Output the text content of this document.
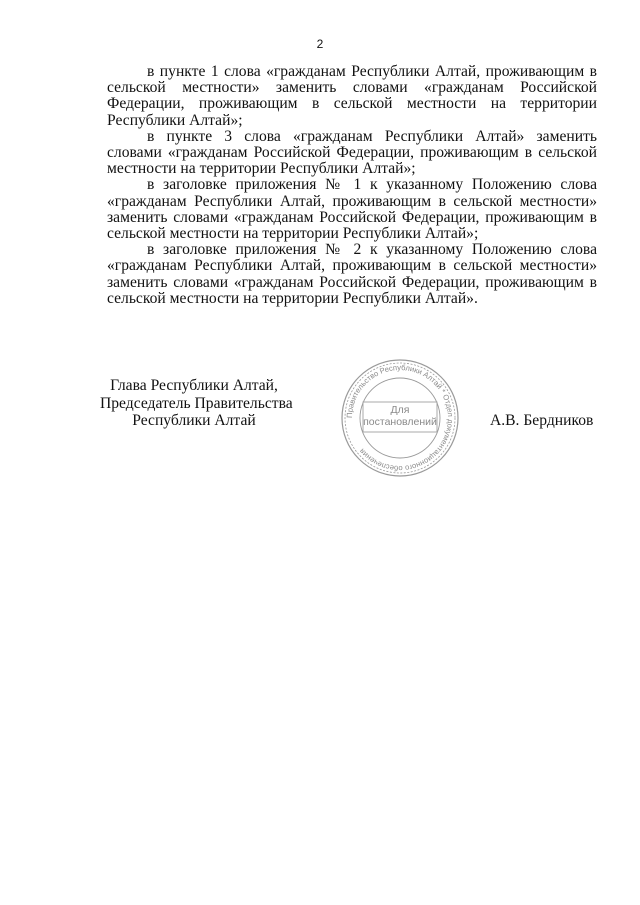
2

в пункте 1 слова «гражданам Республики Алтай, проживающим в сельской местности» заменить словами «гражданам Российской Федерации, проживающим в сельской местности на территории Республики Алтай»;

в пункте 3 слова «гражданам Республики Алтай» заменить словами «гражданам Российской Федерации, проживающим в сельской местности на территории Республики Алтай»;

в заголовке приложения № 1 к указанному Положению слова «гражданам Республики Алтай, проживающим в сельской местности» заменить словами «гражданам Российской Федерации, проживающим в сельской местности на территории Республики Алтай»;

в заголовке приложения № 2 к указанному Положению слова «гражданам Республики Алтай, проживающим в сельской местности» заменить словами «гражданам Российской Федерации, проживающим в сельской местности на территории Республики Алтай».

Глава Республики Алтай,
Председатель Правительства
Республики Алтай	Правительство Республики Алтай * Отдел документационного обеспечения
Для
постановлений	А.В. Бердников
